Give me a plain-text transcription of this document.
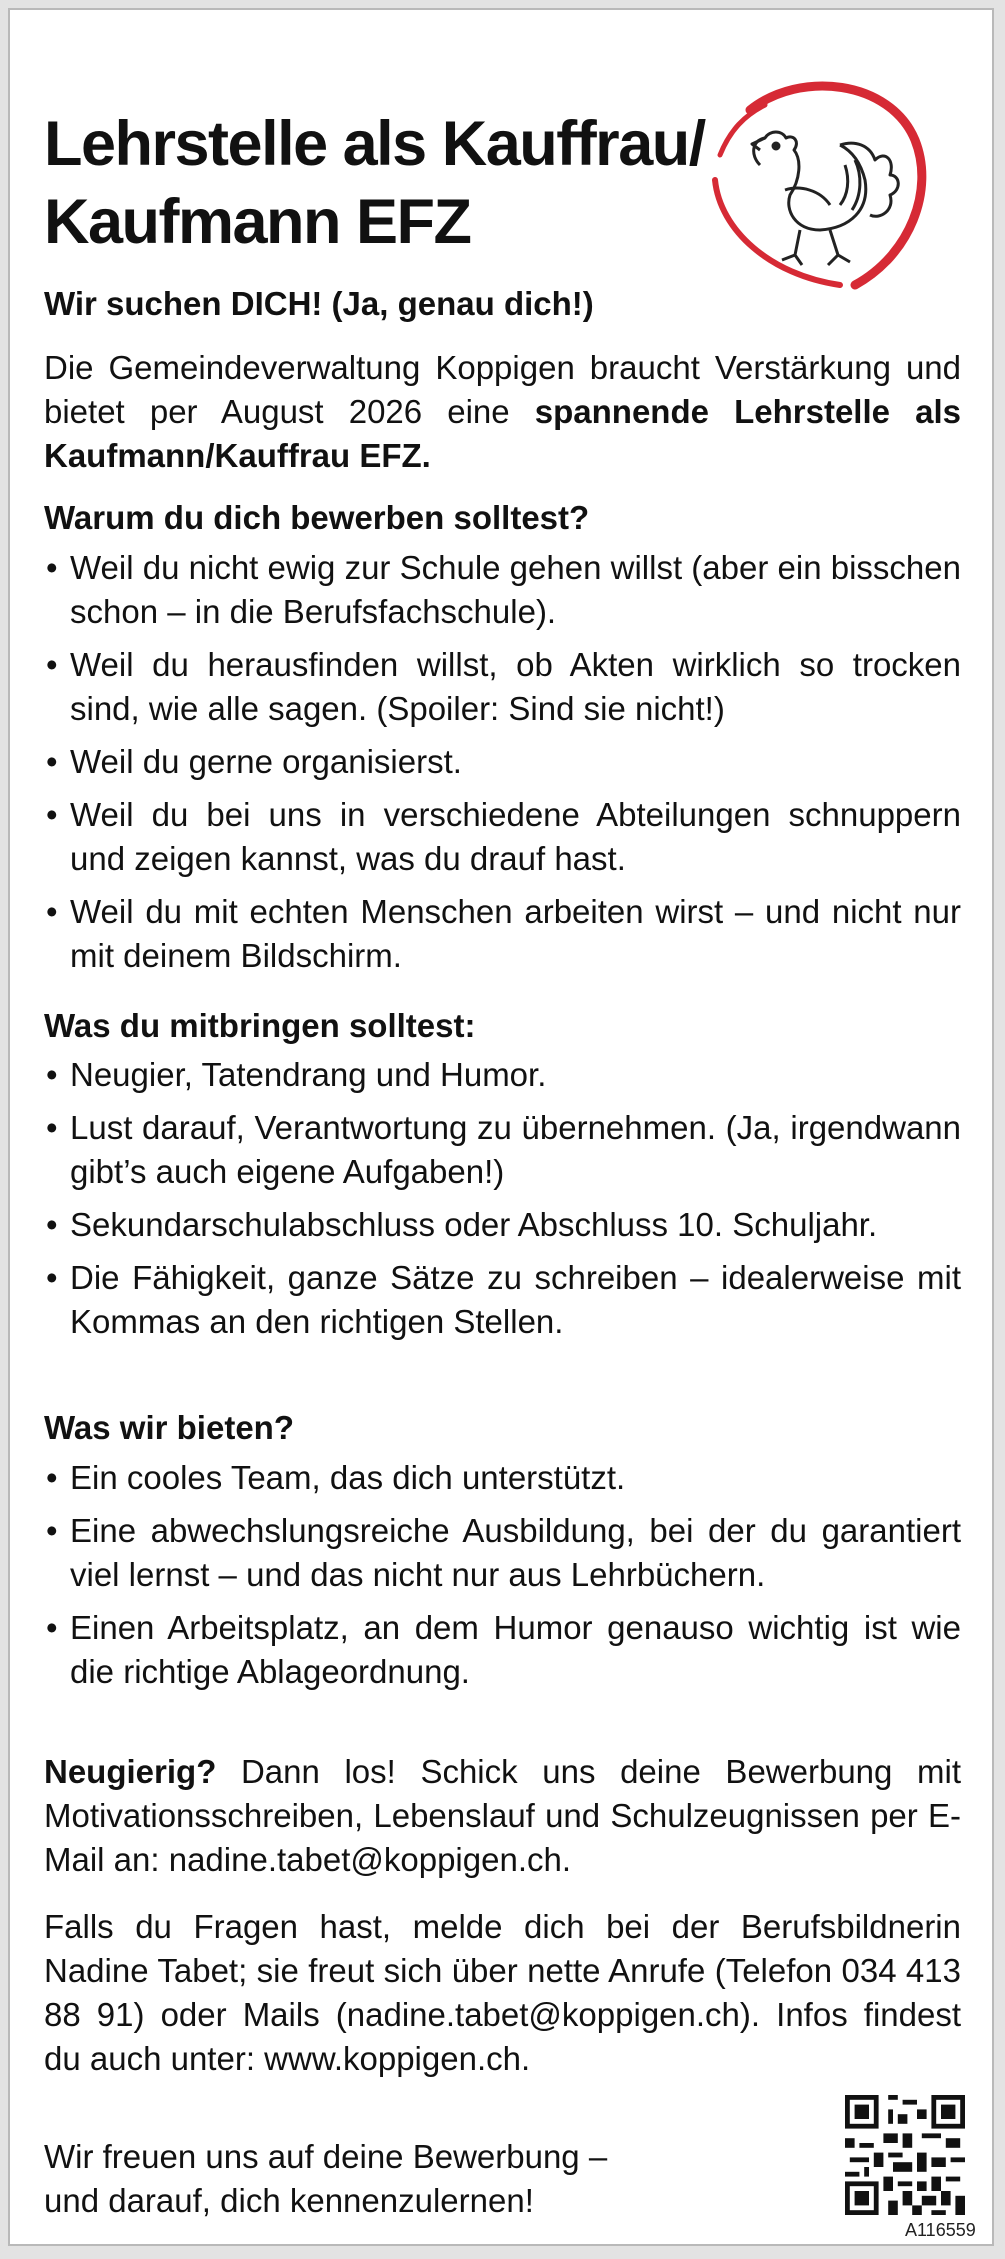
Lehrstelle als Kauffrau/
Kaufmann EFZ

Wir suchen DICH! (Ja, genau dich!)

Die Gemeindeverwaltung Koppigen braucht Verstärkung und bietet per August 2026 eine spannende Lehrstelle als Kaufmann/Kauffrau EFZ.

Warum du dich bewerben solltest?

• Weil du nicht ewig zur Schule gehen willst (aber ein bisschen schon – in die Berufsfachschule).
• Weil du herausfinden willst, ob Akten wirklich so trocken sind, wie alle sagen. (Spoiler: Sind sie nicht!)
• Weil du gerne organisierst.
• Weil du bei uns in verschiedene Abteilungen schnuppern und zeigen kannst, was du drauf hast.
• Weil du mit echten Menschen arbeiten wirst – und nicht nur mit deinem Bildschirm.

Was du mitbringen solltest:

• Neugier, Tatendrang und Humor.
• Lust darauf, Verantwortung zu übernehmen. (Ja, irgendwann gibt’s auch eigene Aufgaben!)
• Sekundarschulabschluss oder Abschluss 10. Schuljahr.
• Die Fähigkeit, ganze Sätze zu schreiben – idealerweise mit Kommas an den richtigen Stellen.

Was wir bieten?

• Ein cooles Team, das dich unterstützt.
• Eine abwechslungsreiche Ausbildung, bei der du garantiert viel lernst – und das nicht nur aus Lehrbüchern.
• Einen Arbeitsplatz, an dem Humor genauso wichtig ist wie die richtige Ablageordnung.
Neugierig? Dann los! Schick uns deine Bewerbung mit Motivationsschreiben, Lebenslauf und Schulzeugnissen per E-Mail an: nadine.tabet@koppigen.ch.
Falls du Fragen hast, melde dich bei der Berufsbildnerin Nadine Tabet; sie freut sich über nette Anrufe (Telefon 034 413 88 91) oder Mails (nadine.tabet@koppigen.ch). Infos findest du auch unter: www.koppigen.ch.
Wir freuen uns auf deine Bewerbung –
und darauf, dich kennenzulernen!
A116559
